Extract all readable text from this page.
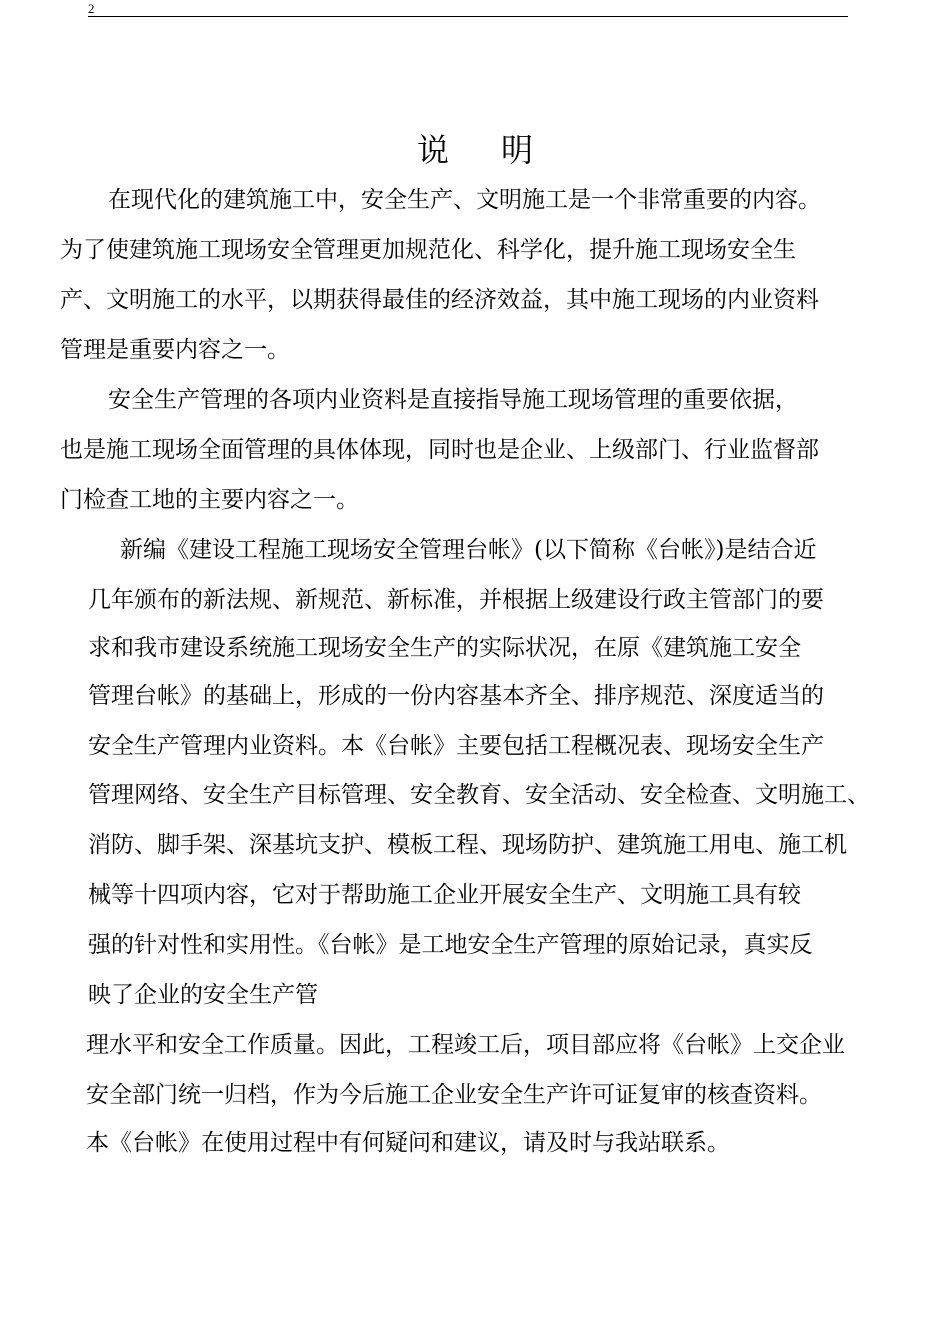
2
说明
在现代化的建筑施工中，安全生产、文明施工是一个非常重要的内容。
为了使建筑施工现场安全管理更加规范化、科学化，提升施工现场安全生
产、文明施工的水平，以期获得最佳的经济效益，其中施工现场的内业资料
管理是重要内容之一。
安全生产管理的各项内业资料是直接指导施工现场管理的重要依据，
也是施工现场全面管理的具体体现，同时也是企业、上级部门、行业监督部
门检查工地的主要内容之一。
新编《建设工程施工现场安全管理台帐》(以下简称《台帐》)是结合近
几年颁布的新法规、新规范、新标准，并根据上级建设行政主管部门的要
求和我市建设系统施工现场安全生产的实际状况，在原《建筑施工安全
管理台帐》的基础上，形成的一份内容基本齐全、排序规范、深度适当的
安全生产管理内业资料。本《台帐》主要包括工程概况表、现场安全生产
管理网络、安全生产目标管理、安全教育、安全活动、安全检查、文明施工、
消防、脚手架、深基坑支护、模板工程、现场防护、建筑施工用电、施工机
械等十四项内容，它对于帮助施工企业开展安全生产、文明施工具有较
强的针对性和实用性。《台帐》是工地安全生产管理的原始记录，真实反
映了企业的安全生产管
理水平和安全工作质量。因此，工程竣工后，项目部应将《台帐》上交企业
安全部门统一归档，作为今后施工企业安全生产许可证复审的核查资料。
本《台帐》在使用过程中有何疑问和建议，请及时与我站联系。
